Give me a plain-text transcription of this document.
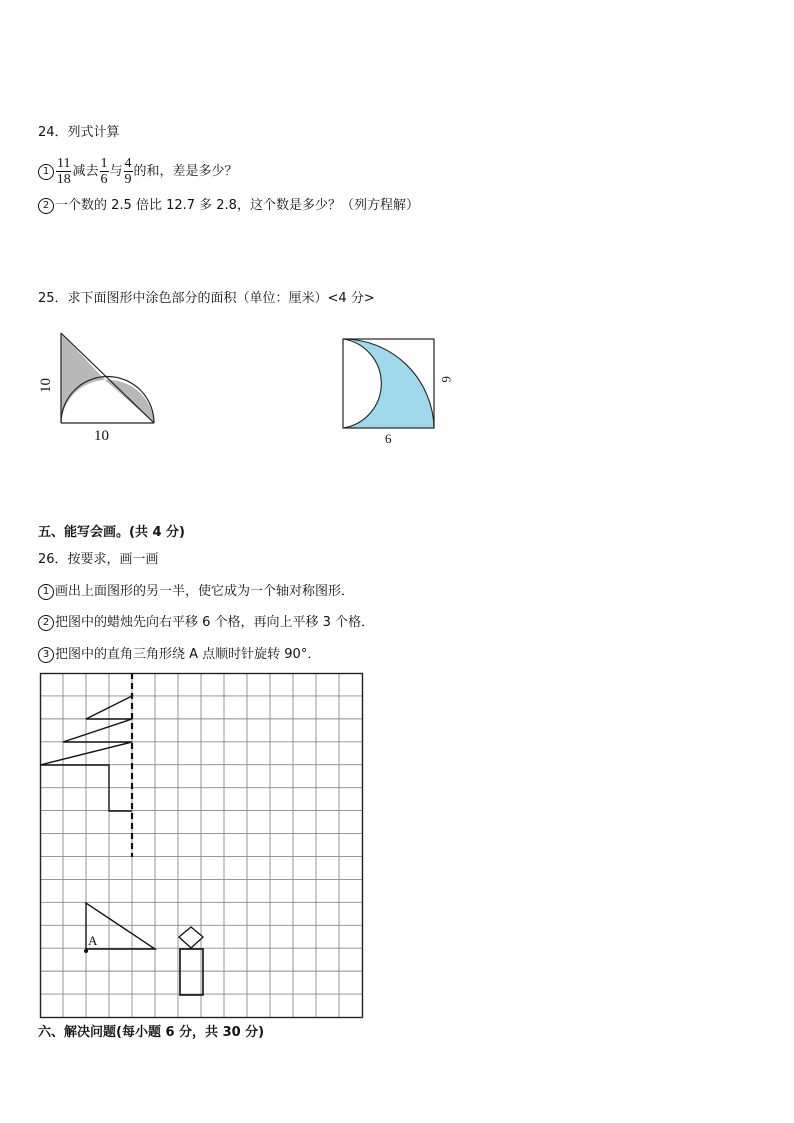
24．列式计算
$1 \frac{11}{18}$ 减去 $\frac{1}{6}$ 与 $\frac{4}{9}$ 的和，差是多少？
2 一个数的 2.5 倍比 12.7 多 2.8，这个数是多少？（列方程解）
25．求下面图形中涂色部分的面积（单位：厘米）<4 分>
10
10
6
6
五、能写会画。(共 4 分)
26．按要求，画一画
1 画出上面图形的另一半，使它成为一个轴对称图形．
2 把图中的蜡烛先向右平移 6 个格，再向上平移 3 个格．
3 把图中的直角三角形绕 A 点顺时针旋转 90°．
A
六、解决问题(每小题 6 分，共 30 分)
